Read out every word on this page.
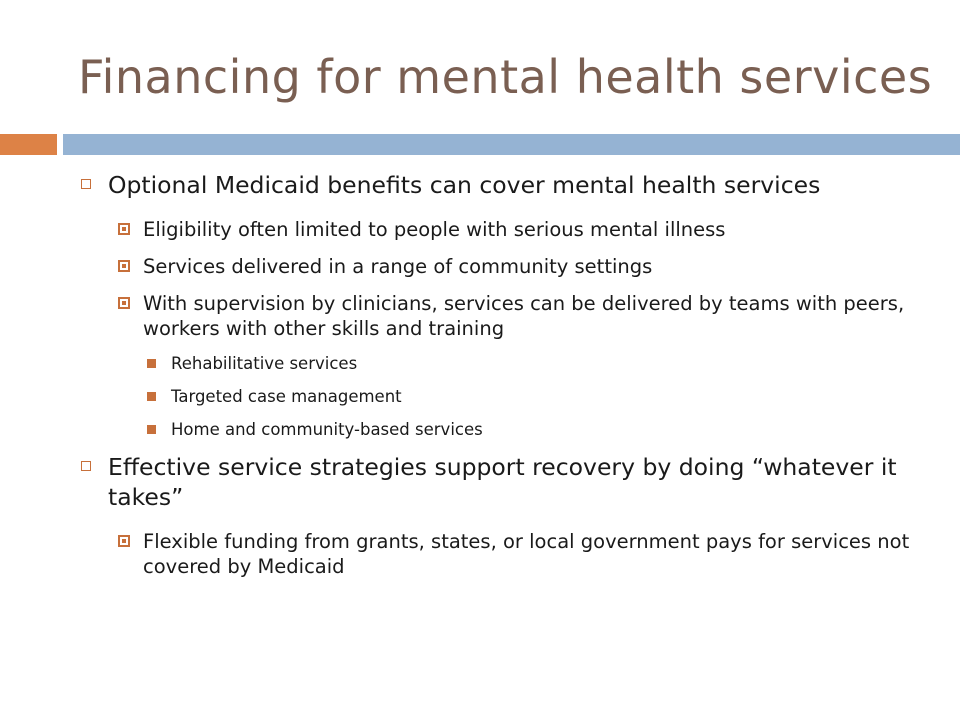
Financing for mental health services
Optional Medicaid benefits can cover mental health services
Eligibility often limited to people with serious mental illness
Services delivered in a range of community settings
With supervision by clinicians, services can be delivered by teams with peers, workers with other skills and training
Rehabilitative services
Targeted case management
Home and community-based services
Effective service strategies support recovery by doing “whatever it takes”
Flexible funding from grants, states, or local government pays for services not covered by Medicaid
